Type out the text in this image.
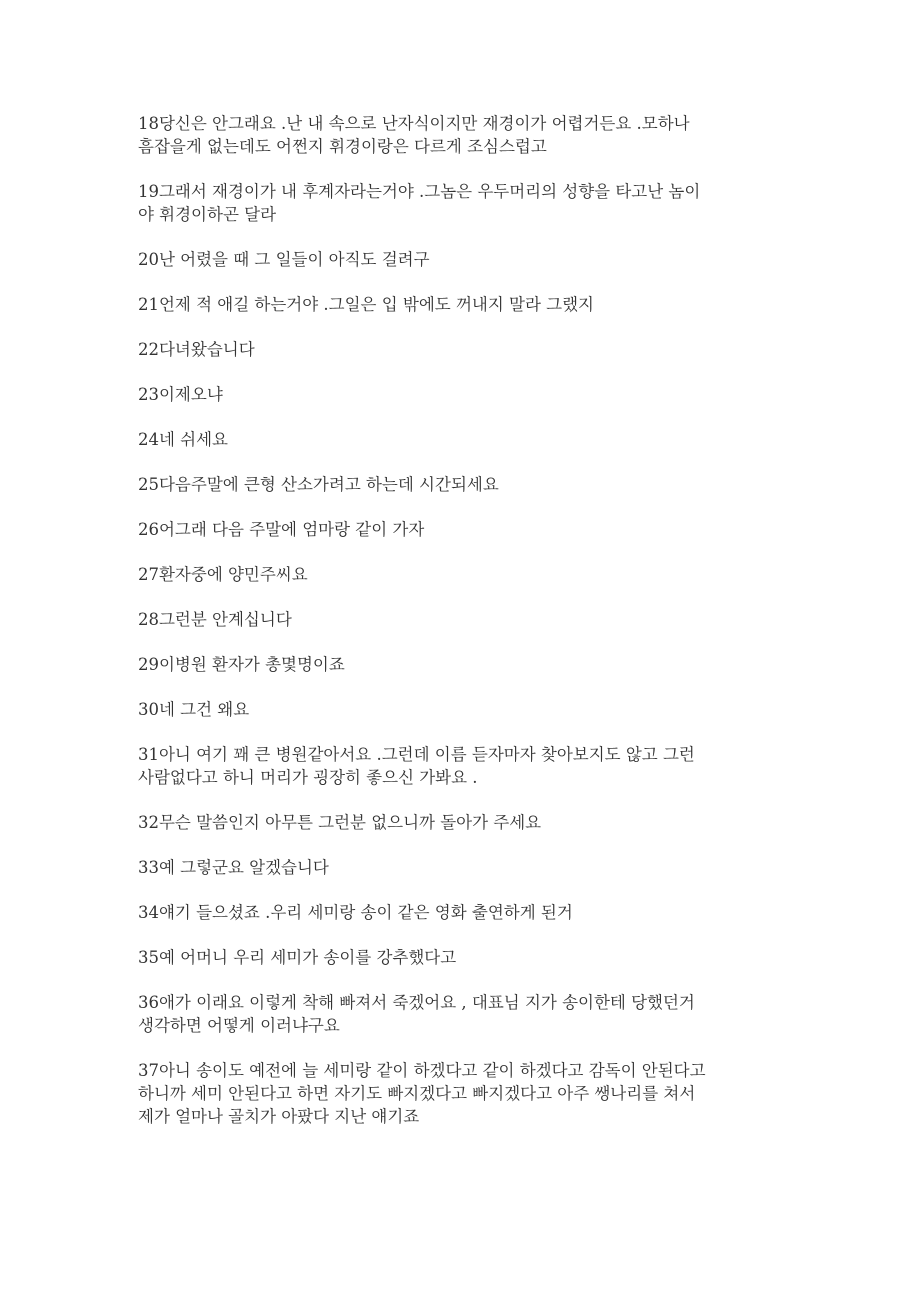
18당신은 안그래요 .난 내 속으로 난자식이지만 재경이가 어렵거든요 .모하나
흠잡을게 없는데도 어쩐지 휘경이랑은 다르게 조심스럽고

19그래서 재경이가 내 후계자라는거야 .그놈은 우두머리의 성향을 타고난 놈이
야 휘경이하곤 달라

20난 어렸을 때 그 일들이 아직도 걸려구

21언제 적 애길 하는거야 .그일은 입 밖에도 꺼내지 말라 그랬지

22다녀왔습니다

23이제오냐

24네 쉬세요

25다음주말에 큰형 산소가려고 하는데 시간되세요

26어그래 다음 주말에 엄마랑 같이 가자

27환자중에 양민주씨요

28그런분 안계십니다

29이병원 환자가 총몇명이죠

30네 그건 왜요

31아니 여기 꽤 큰 병원같아서요 .그런데 이름 듣자마자 찾아보지도 않고 그런
사람없다고 하니 머리가 굉장히 좋으신 가봐요 .

32무슨 말씀인지 아무튼 그런분 없으니까 돌아가 주세요

33예 그렇군요 알겠습니다

34얘기 들으셨죠 .우리 세미랑 송이 같은 영화 출연하게 된거

35예 어머니 우리 세미가 송이를 강추했다고

36애가 이래요 이렇게 착해 빠져서 죽겠어요 , 대표님 지가 송이한테 당했던거
생각하면 어떻게 이러냐구요

37아니 송이도 예전에 늘 세미랑 같이 하겠다고 같이 하겠다고 감독이 안된다고
하니까 세미 안된다고 하면 자기도 빠지겠다고 빠지겠다고 아주 쌩나리를 쳐서
제가 얼마나 골치가 아팠다 지난 얘기죠
